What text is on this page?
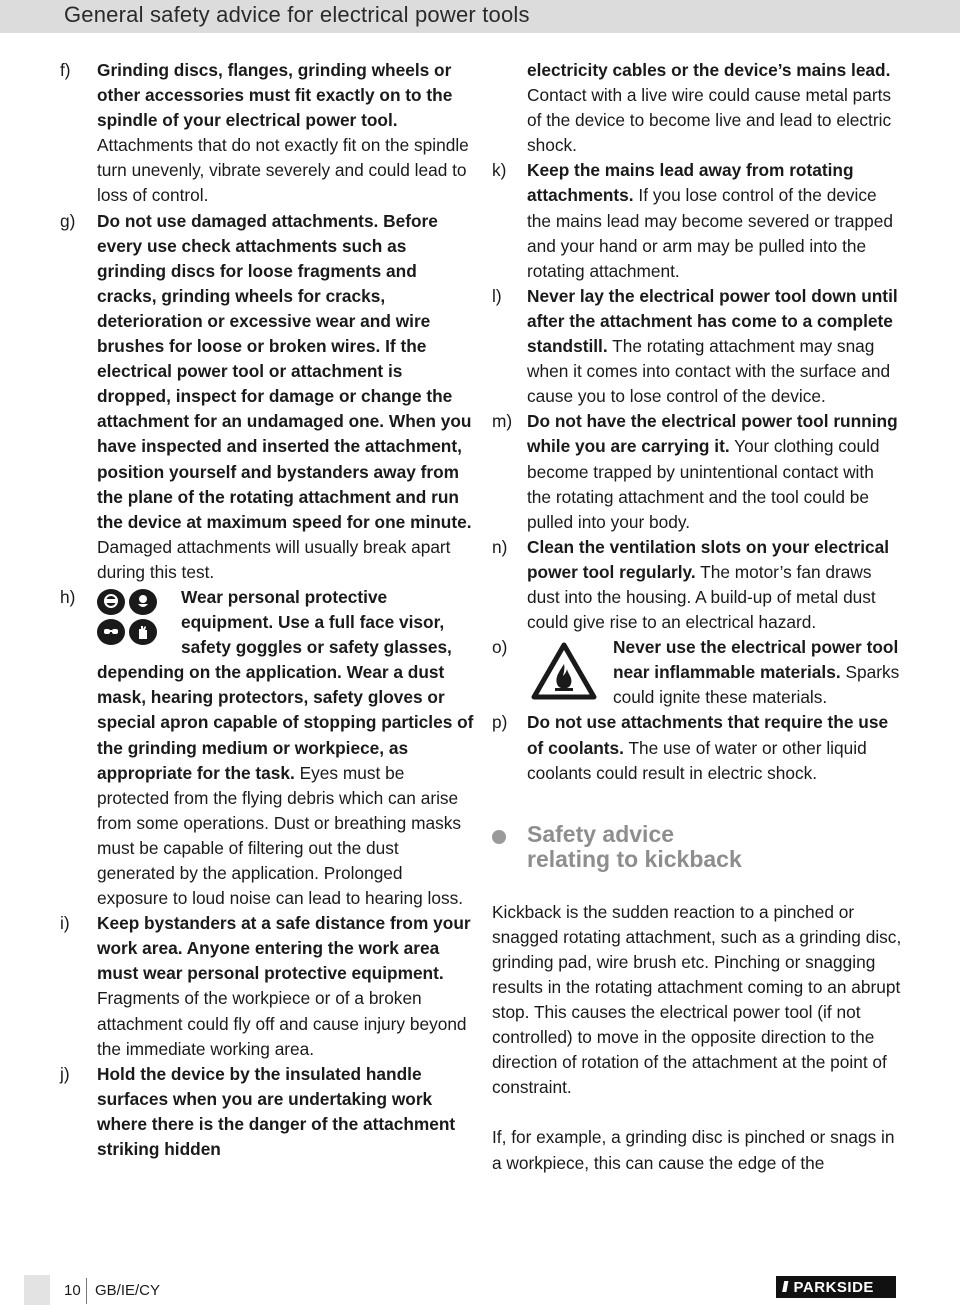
General safety advice for electrical power tools
f)	Grinding discs, flanges, grinding wheels or other accessories must fit exactly on to the spindle of your electrical power tool. Attachments that do not exactly fit on the spindle turn unevenly, vibrate severely and could lead to loss of control.
g)	Do not use damaged attachments. Before every use check attachments such as grinding discs for loose fragments and cracks, grinding wheels for cracks, deterioration or excessive wear and wire brushes for loose or broken wires. If the electrical power tool or attachment is dropped, inspect for damage or change the attachment for an undamaged one. When you have inspected and inserted the attachment, position yourself and bystanders away from the plane of the rotating attachment and run the device at maximum speed for one minute. Damaged attachments will usually break apart during this test.
h)	Wear personal protective equipment. Use a full face visor, safety goggles or safety glasses, depending on the application. Wear a dust mask, hearing protectors, safety gloves or special apron capable of stopping particles of the grinding medium or workpiece, as appropriate for the task. Eyes must be protected from the flying debris which can arise from some operations. Dust or breathing masks must be capable of filtering out the dust generated by the application. Prolonged exposure to loud noise can lead to hearing loss.
i)	Keep bystanders at a safe distance from your work area. Anyone entering the work area must wear personal protective equipment. Fragments of the workpiece or of a broken attachment could fly off and cause injury beyond the immediate working area.
j)	Hold the device by the insulated handle surfaces when you are undertaking work where there is the danger of the attachment striking hidden
electricity cables or the device’s mains lead. Contact with a live wire could cause metal parts of the device to become live and lead to electric shock.
k)	Keep the mains lead away from rotating attachments. If you lose control of the device the mains lead may become severed or trapped and your hand or arm may be pulled into the rotating attachment.
l)	Never lay the electrical power tool down until after the attachment has come to a complete standstill. The rotating attachment may snag when it comes into contact with the surface and cause you to lose control of the device.
m) Do not have the electrical power tool running while you are carrying it. Your clothing could become trapped by unintentional contact with the rotating attachment and the tool could be pulled into your body.
n)	Clean the ventilation slots on your electrical power tool regularly. The motor’s fan draws dust into the housing. A build-up of metal dust could give rise to an electrical hazard.
o)	Never use the electrical power tool near inflammable materials. Sparks could ignite these materials.
p)	Do not use attachments that require the use of coolants. The use of water or other liquid coolants could result in electric shock.
Safety advice
relating to kickback

Kickback is the sudden reaction to a pinched or snagged rotating attachment, such as a grinding disc, grinding pad, wire brush etc. Pinching or snagging results in the rotating attachment coming to an abrupt stop. This causes the electrical power tool (if not controlled) to move in the opposite direction to the direction of rotation of the attachment at the point of constraint.

If, for example, a grinding disc is pinched or snags in a workpiece, this can cause the edge of the

10 GB/IE/CY	/// PARKSIDE
